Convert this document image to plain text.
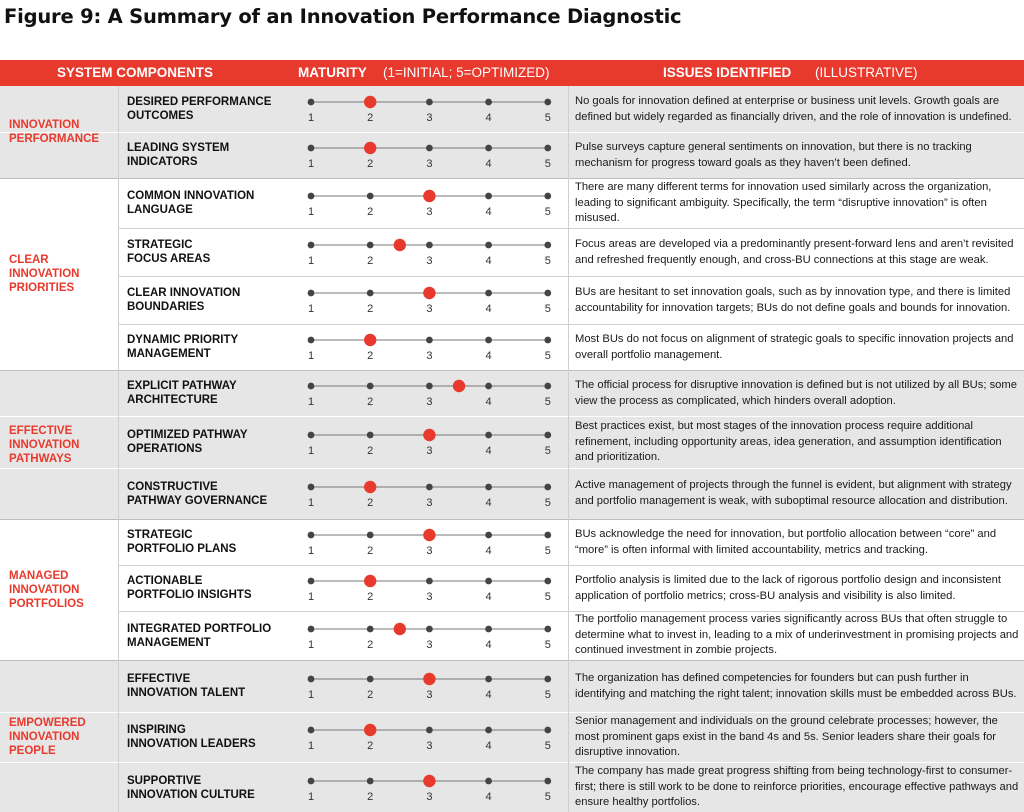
Figure 9: A Summary of an Innovation Performance Diagnostic
SYSTEM COMPONENTS	MATURITY (1=INITIAL; 5=OPTIMIZED)	ISSUES IDENTIFIED (ILLUSTRATIVE)
INNOVATION
PERFORMANCE
DESIRED PERFORMANCE
OUTCOMES	1	2	3	4	5
No goals for innovation defined at enterprise or business unit levels. Growth goals are defined but widely regarded as financially driven, and the role of innovation is undefined.
LEADING SYSTEM
INDICATORS	1	2	3	4	5
Pulse surveys capture general sentiments on innovation, but there is no tracking mechanism for progress toward goals as they haven’t been defined.
CLEAR
INNOVATION
PRIORITIES
COMMON INNOVATION
LANGUAGE	1	2	3	4	5
There are many different terms for innovation used similarly across the organization, leading to significant ambiguity. Specifically, the term “disruptive innovation” is often misused.
STRATEGIC
FOCUS AREAS	1	2	3	4	5
Focus areas are developed via a predominantly present-forward lens and aren’t revisited and refreshed frequently enough, and cross-BU connections at this stage are weak.
CLEAR INNOVATION
BOUNDARIES	1	2	3	4	5
BUs are hesitant to set innovation goals, such as by innovation type, and there is limited accountability for innovation targets; BUs do not define goals and bounds for innovation.
DYNAMIC PRIORITY
MANAGEMENT	1	2	3	4	5
Most BUs do not focus on alignment of strategic goals to specific innovation projects and overall portfolio management.
EFFECTIVE
INNOVATION
PATHWAYS
EXPLICIT PATHWAY
ARCHITECTURE	1	2	3	4	5
The official process for disruptive innovation is defined but is not utilized by all BUs; some view the process as complicated, which hinders overall adoption.
OPTIMIZED PATHWAY
OPERATIONS	1	2	3	4	5
Best practices exist, but most stages of the innovation process require additional refinement, including opportunity areas, idea generation, and assumption identification and prioritization.
CONSTRUCTIVE
PATHWAY GOVERNANCE	1	2	3	4	5
Active management of projects through the funnel is evident, but alignment with strategy and portfolio management is weak, with suboptimal resource allocation and distribution.
MANAGED
INNOVATION
PORTFOLIOS
STRATEGIC
PORTFOLIO PLANS	1	2	3	4	5
BUs acknowledge the need for innovation, but portfolio allocation between “core” and “more” is often informal with limited accountability, metrics and tracking.
ACTIONABLE
PORTFOLIO INSIGHTS	1	2	3	4	5
Portfolio analysis is limited due to the lack of rigorous portfolio design and inconsistent application of portfolio metrics; cross-BU analysis and visibility is also limited.
INTEGRATED PORTFOLIO
MANAGEMENT	1	2	3	4	5
The portfolio management process varies significantly across BUs that often struggle to determine what to invest in, leading to a mix of underinvestment in promising projects and continued investment in zombie projects.
EMPOWERED
INNOVATION
PEOPLE
EFFECTIVE
INNOVATION TALENT	1	2	3	4	5
The organization has defined competencies for founders but can push further in identifying and matching the right talent; innovation skills must be embedded across BUs.
INSPIRING
INNOVATION LEADERS	1	2	3	4	5
Senior management and individuals on the ground celebrate processes; however, the most prominent gaps exist in the band 4s and 5s. Senior leaders share their goals for disruptive innovation.
SUPPORTIVE
INNOVATION CULTURE	1	2	3	4	5
The company has made great progress shifting from being technology-first to consumer-first; there is still work to be done to reinforce priorities, encourage effective pathways and ensure healthy portfolios.
